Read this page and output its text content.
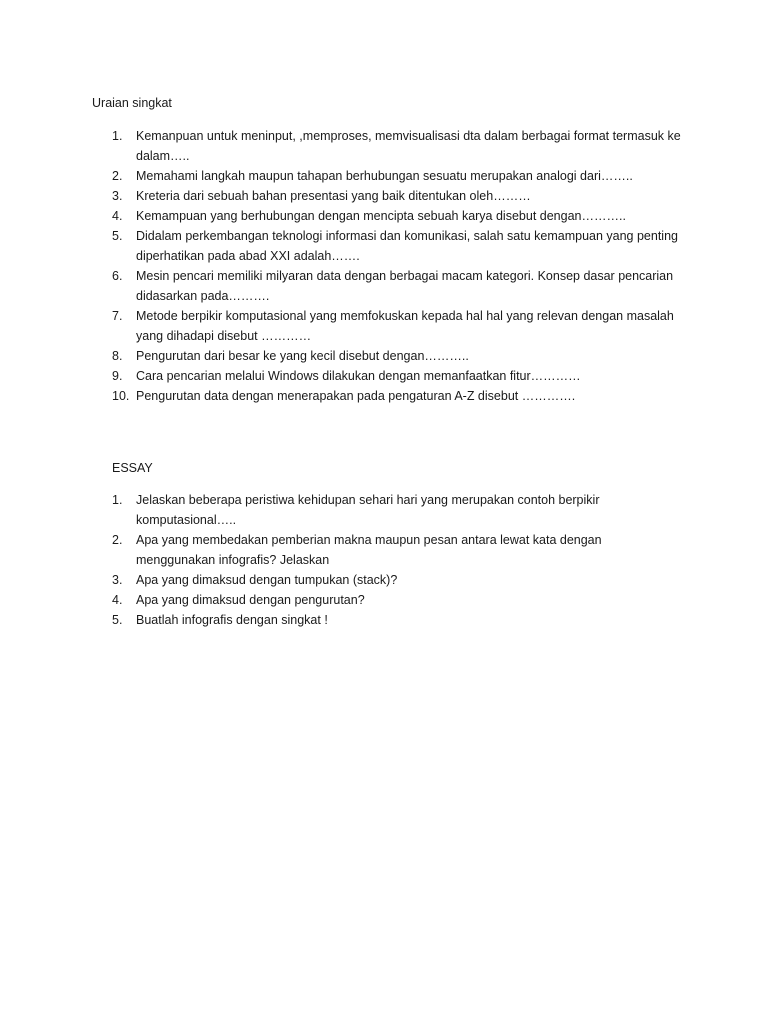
Uraian singkat
1.	Kemanpuan untuk meninput, ,memproses, memvisualisasi dta dalam berbagai format termasuk ke dalam…..
2.	Memahami langkah maupun tahapan berhubungan sesuatu merupakan analogi dari……..
3.	Kreteria dari sebuah bahan presentasi yang baik ditentukan oleh………
4.	Kemampuan yang berhubungan dengan mencipta sebuah karya disebut dengan………..
5.	Didalam perkembangan teknologi informasi dan komunikasi, salah satu kemampuan yang penting diperhatikan pada abad XXI adalah…….
6.	Mesin pencari memiliki milyaran data dengan berbagai macam kategori. Konsep dasar pencarian didasarkan pada……….
7.	Metode berpikir komputasional yang memfokuskan kepada hal hal yang relevan dengan masalah yang dihadapi disebut …………
8.	Pengurutan dari besar ke yang kecil disebut dengan………..
9.	Cara pencarian melalui Windows dilakukan dengan memanfaatkan fitur…………
10. Pengurutan data dengan menerapakan pada pengaturan A-Z disebut ………….
ESSAY
1.	Jelaskan beberapa peristiwa kehidupan sehari hari yang merupakan contoh berpikir komputasional…..
2.	Apa yang membedakan pemberian makna maupun pesan antara lewat kata dengan menggunakan infografis? Jelaskan
3.	Apa yang dimaksud dengan tumpukan (stack)?
4.	Apa yang dimaksud dengan pengurutan?
5.	Buatlah infografis dengan singkat !
